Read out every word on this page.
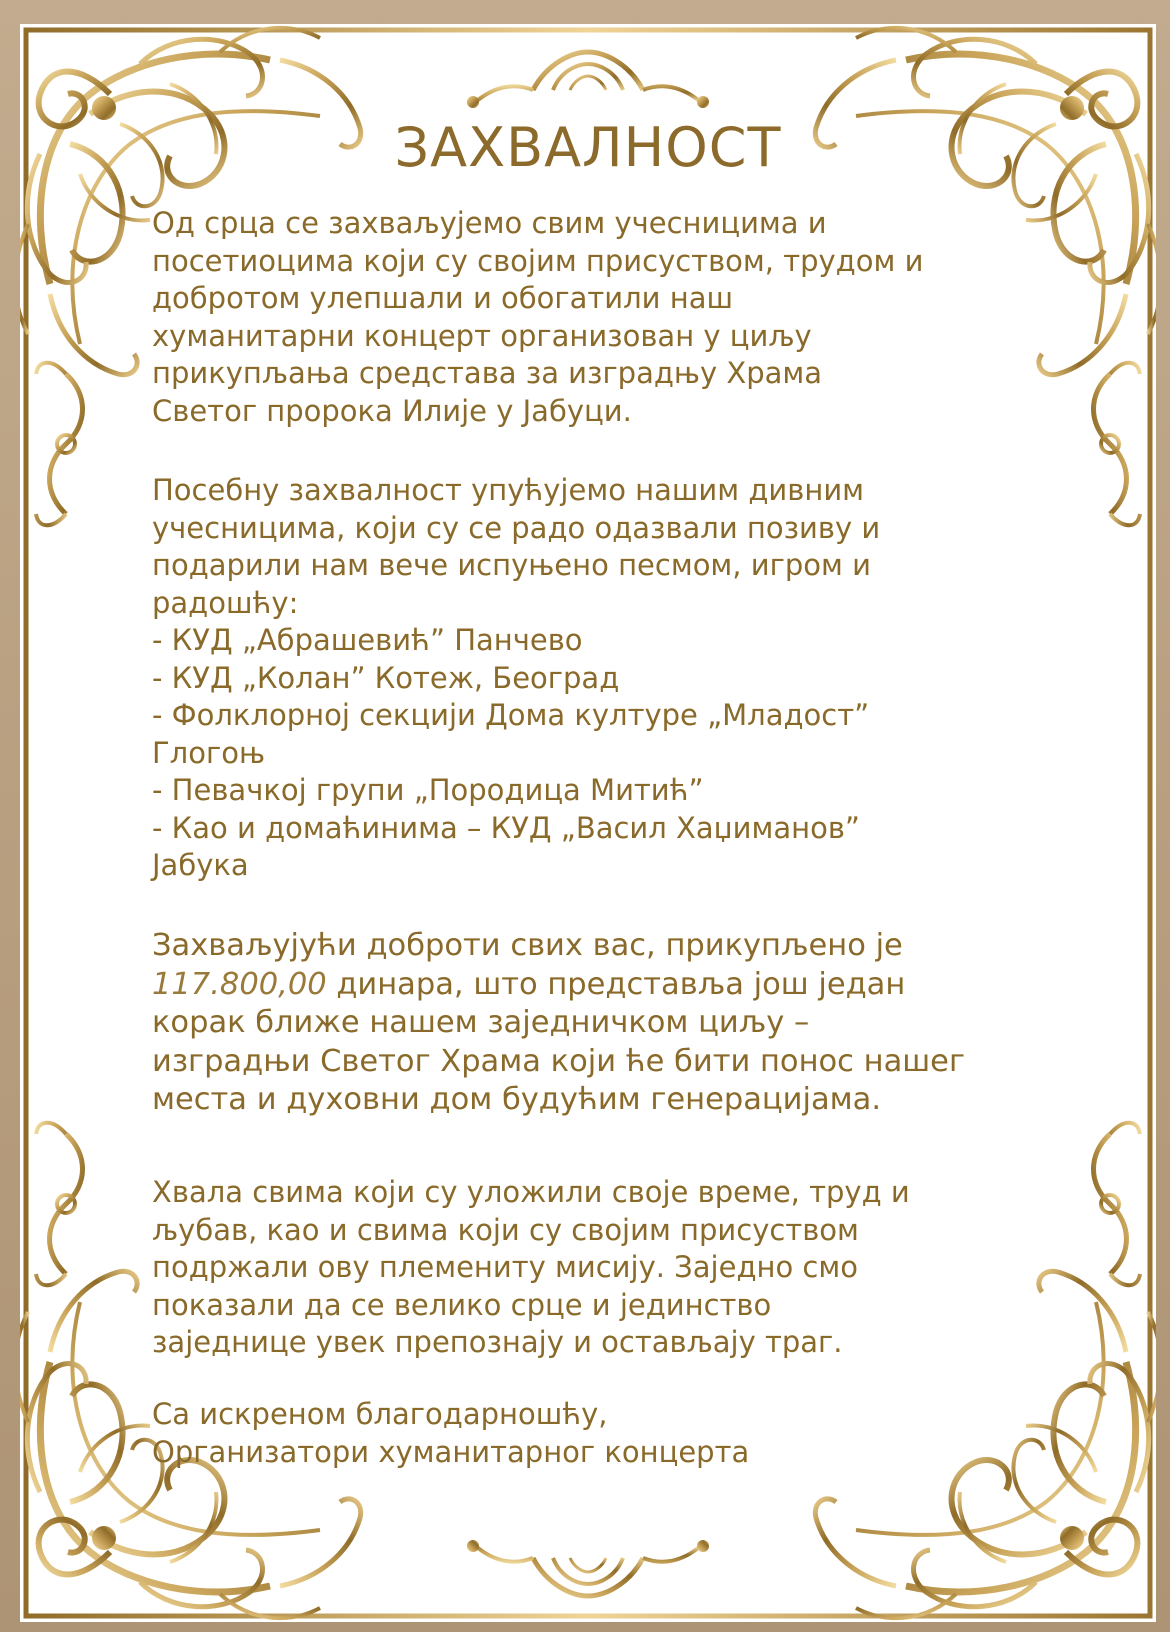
ЗАХВАЛНОСТ

Од срца се захваљујемо свим учесницима и
посетиоцима који су својим присуством, трудом и
добротом улепшали и обогатили наш
хуманитарни концерт организован у циљу
прикупљања средстава за изградњу Храма
Светог пророка Илије у Јабуци.

Посебну захвалност упућујемо нашим дивним
учесницима, који су се радо одазвали позиву и
подарили нам вече испуњено песмом, игром и
радошћу:
- КУД „Абрашевић” Панчево
- КУД „Колан” Котеж, Београд
- Фолклорној секцији Дома културе „Младост”
Глогоњ
- Певачкој групи „Породица Митић”
- Као и домаћинима – КУД „Васил Хаџиманов”
Јабука

Захваљујући доброти свих вас, прикупљено је
117.800,00 динара, што представља још један
корак ближе нашем заједничком циљу –
изградњи Светог Храма који ће бити понос нашег
места и духовни дом будућим генерацијама.

Хвала свима који су уложили своје време, труд и
љубав, као и свима који су својим присуством
подржали ову племениту мисију. Заједно смо
показали да се велико срце и јединство
заједнице увек препознају и остављају траг.

Са искреном благодарношћу,
Организатори хуманитарног концерта
